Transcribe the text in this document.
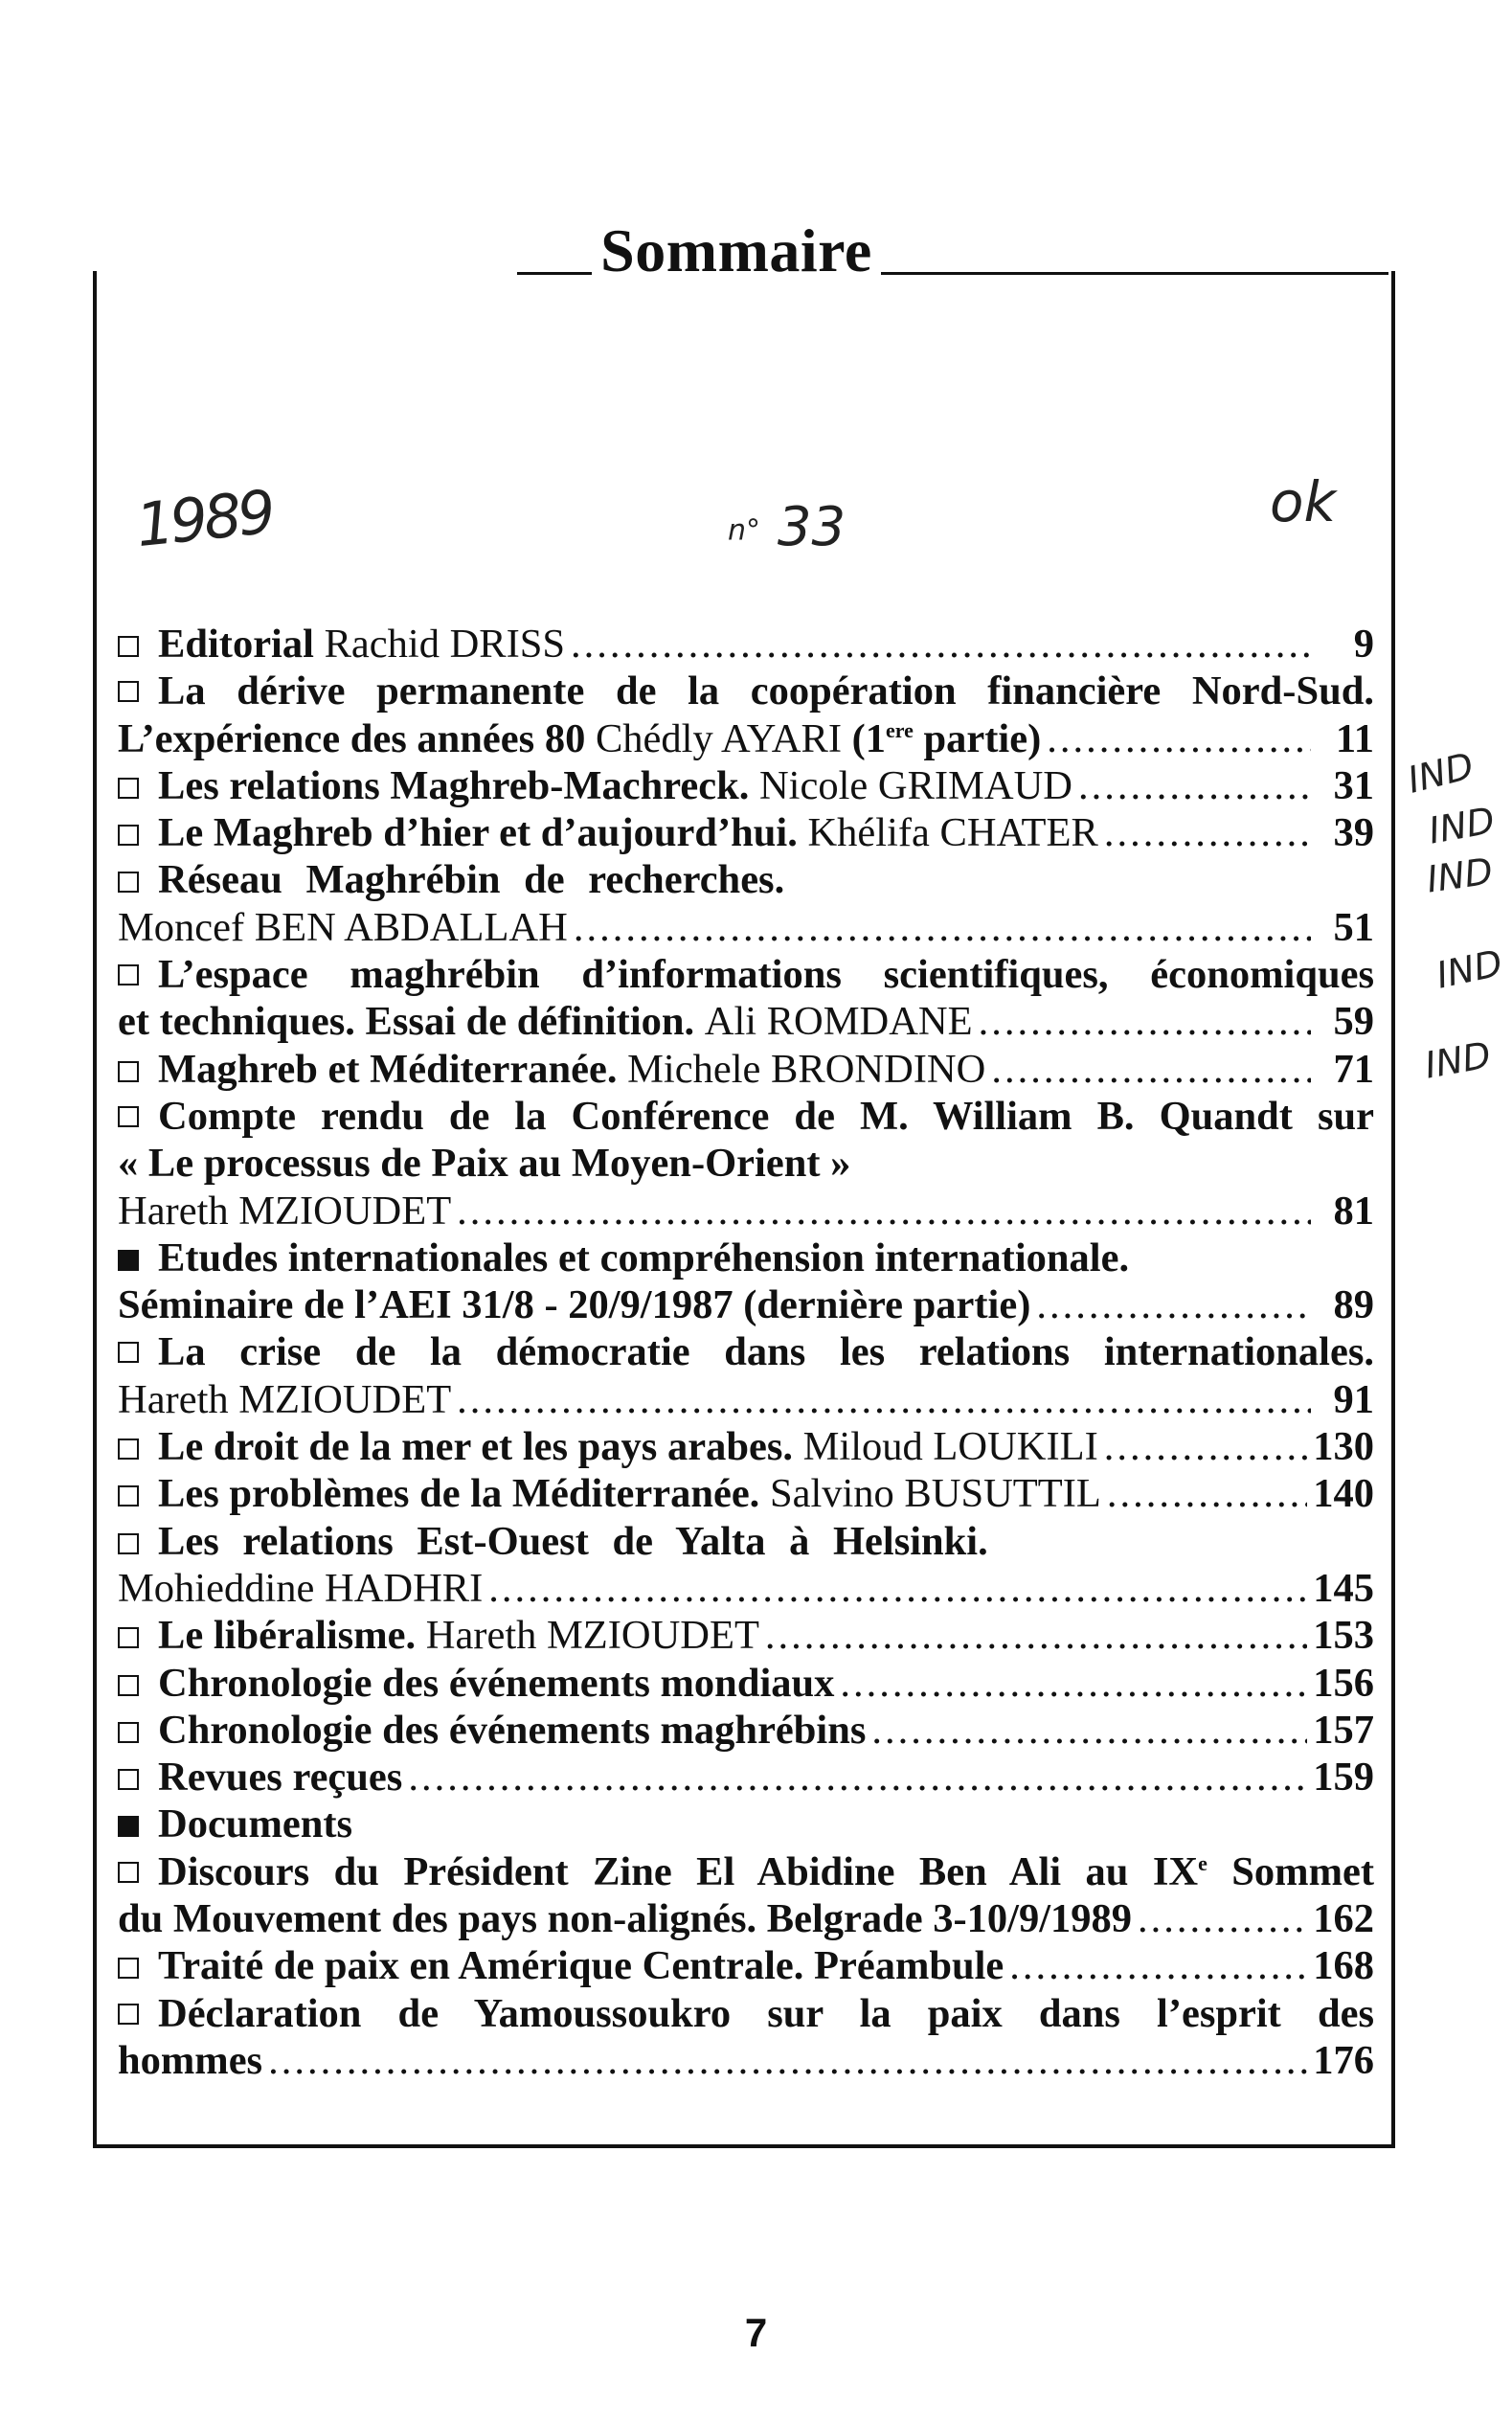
Sommaire
1989	n° 33	ok
IND
IND
IND
IND
IND
Editorial
Rachid DRISS .....	9
La dérive permanente de la coopération financière Nord-Sud.
L’expérience des années 80
Chédly AYARI
(1ere partie) .....	11
Les relations Maghreb-Machreck.
Nicole GRIMAUD .....	31
Le Maghreb d’hier et d’aujourd’hui.
Khélifa CHATER .....	39
Réseau Maghrébin de recherches.
Moncef BEN ABDALLAH .....	51
L’espace maghrébin d’informations scientifiques, économiques
et techniques. Essai de définition.
Ali ROMDANE .....	59
Maghreb et Méditerranée.
Michele BRONDINO .....	71
Compte rendu de la Conférence de M. William B. Quandt sur
« Le processus de Paix au Moyen-Orient »
Hareth MZIOUDET .....	81
Etudes internationales et compréhension internationale.
Séminaire de l’AEI 31/8 - 20/9/1987 (dernière partie) .....	89
La crise de la démocratie dans les relations internationales.
Hareth MZIOUDET .....	91
Le droit de la mer et les pays arabes.
Miloud LOUKILI .....	130
Les problèmes de la Méditerranée.
Salvino BUSUTTIL .....	140
Les relations Est-Ouest de Yalta à Helsinki.
Mohieddine HADHRI .....	145
Le libéralisme.
Hareth MZIOUDET .....	153
Chronologie des événements mondiaux .....	156
Chronologie des événements maghrébins .....	157
Revues reçues .....	159
Documents
Discours du Président Zine El Abidine Ben Ali au IXe Sommet
du Mouvement des pays non-alignés. Belgrade 3-10/9/1989 .....	162
Traité de paix en Amérique Centrale. Préambule .....	168
Déclaration de Yamoussoukro sur la paix dans l’esprit des
hommes .....	176
7
